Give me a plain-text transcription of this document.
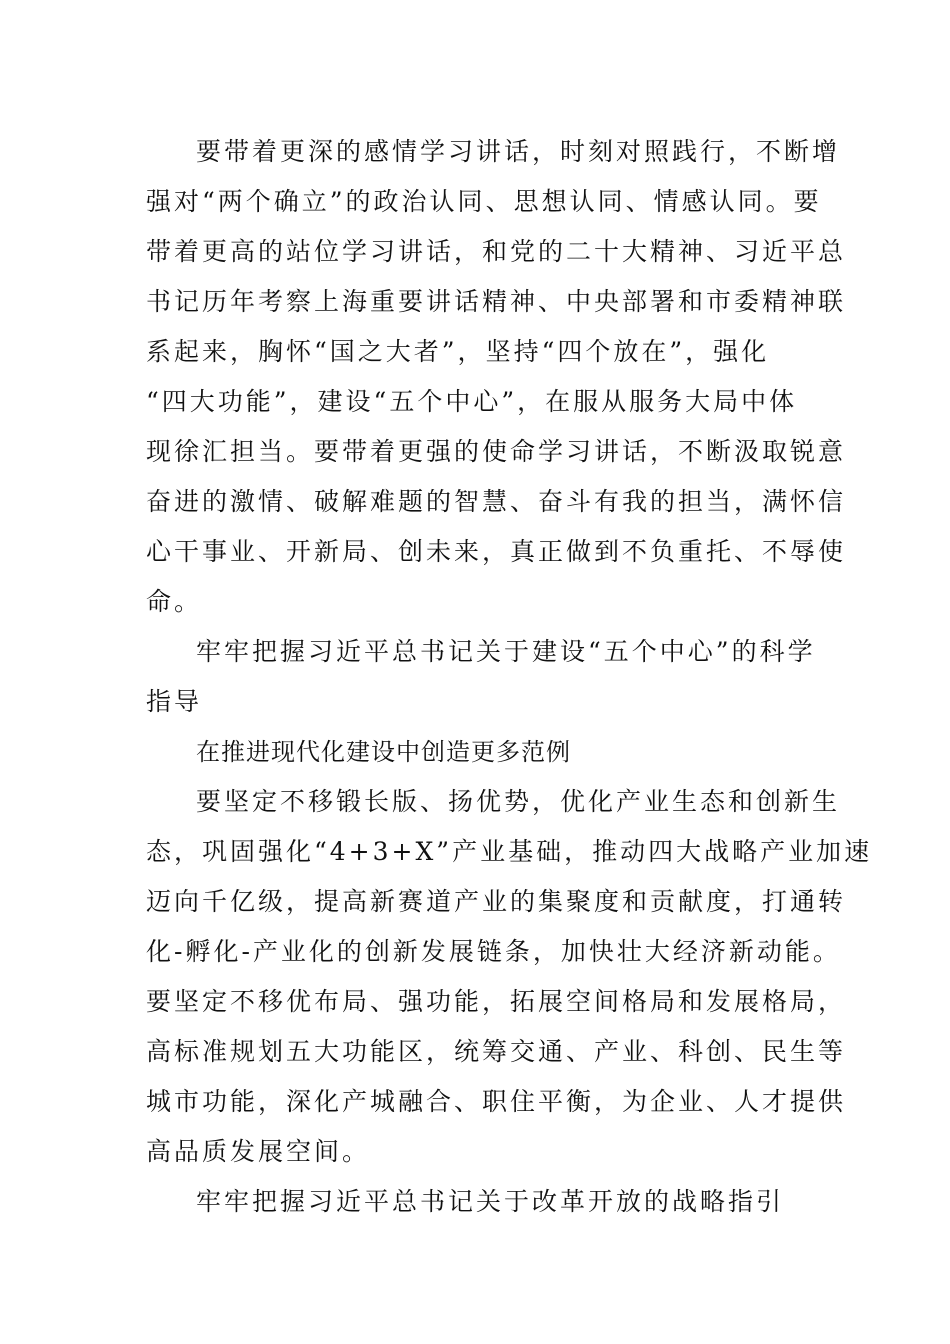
要带着更深的感情学习讲话，时刻对照践行，不断增

强对“两个确立”的政治认同、思想认同、情感认同。要

带着更高的站位学习讲话，和党的二十大精神、习近平总

书记历年考察上海重要讲话精神、中央部署和市委精神联

系起来，胸怀“国之大者”，坚持“四个放在”，强化

“四大功能”，建设“五个中心”，在服从服务大局中体

现徐汇担当。要带着更强的使命学习讲话，不断汲取锐意

奋进的激情、破解难题的智慧、奋斗有我的担当，满怀信

心干事业、开新局、创未来，真正做到不负重托、不辱使

命。

牢牢把握习近平总书记关于建设“五个中心”的科学

指导

在推进现代化建设中创造更多范例

要坚定不移锻长版、扬优势，优化产业生态和创新生

态，巩固强化“4+3+X”产业基础，推动四大战略产业加速

迈向千亿级，提高新赛道产业的集聚度和贡献度，打通转

化-孵化-产业化的创新发展链条，加快壮大经济新动能。

要坚定不移优布局、强功能，拓展空间格局和发展格局，

高标准规划五大功能区，统筹交通、产业、科创、民生等

城市功能，深化产城融合、职住平衡，为企业、人才提供

高品质发展空间。

牢牢把握习近平总书记关于改革开放的战略指引
